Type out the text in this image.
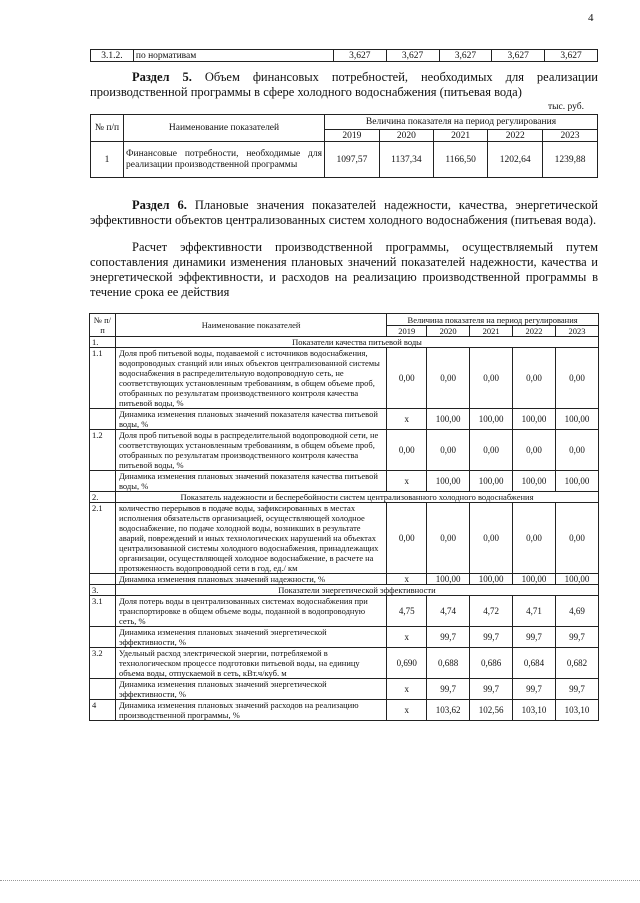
4
3.1.2.	по нормативам	3,627	3,627	3,627	3,627	3,627
Раздел 5. Объем финансовых потребностей, необходимых для реализации производственной программы в сфере холодного водоснабжения (питьевая вода)
тыс. руб.
№ п/п	Наименование показателей	Величина показателя на период регулирования				
		2019	2020	2021	2022	2023
1	Финансовые потребности, необходимые для реализации производственной программы	1097,57	1137,34	1166,50	1202,64	1239,88
Раздел 6. Плановые значения показателей надежности, качества, энергетической эффективности объектов централизованных систем холодного водоснабжения (питьевая вода).
Расчет эффективности производственной программы, осуществляемый путем сопоставления динамики изменения плановых значений показателей надежности, качества и энергетической эффективности, и расходов на реализацию производственной программы в течение срока ее действия
№ п/п	Наименование показателей	Величина показателя на период регулирования				
		2019	2020	2021	2022	2023
1.	Показатели качества питьевой воды					
1.1	Доля проб питьевой воды, подаваемой с источников водоснабжения, водопроводных станций или иных объектов централизованной системы водоснабжения в распределительную водопроводную сеть, не соответствующих установленным требованиям, в общем объеме проб, отобранных по результатам производственного контроля качества питьевой воды, %	0,00	0,00	0,00	0,00	0,00
	Динамика изменения плановых значений показателя качества питьевой воды, %	x	100,00	100,00	100,00	100,00
1.2	Доля проб питьевой воды в распределительной водопроводной сети, не соответствующих установленным требованиям, в общем объеме проб, отобранных по результатам производственного контроля качества питьевой воды, %	0,00	0,00	0,00	0,00	0,00
	Динамика изменения плановых значений показателя качества питьевой воды, %	x	100,00	100,00	100,00	100,00
2.	Показатель надежности и бесперебойности систем централизованного холодного водоснабжения					
2.1	количество перерывов в подаче воды, зафиксированных в местах исполнения обязательств организацией, осуществляющей холодное водоснабжение, по подаче холодной воды, возникших в результате аварий, повреждений и иных технологических нарушений на объектах централизованной системы холодного водоснабжения, принадлежащих организации, осуществляющей холодное водоснабжение, в расчете на протяженность водопроводной сети в год, ед./ км	0,00	0,00	0,00	0,00	0,00
	Динамика изменения плановых значений надежности, %	x	100,00	100,00	100,00	100,00
3.	Показатели энергетической эффективности					
3.1	Доля потерь воды в централизованных системах водоснабжения при транспортировке в общем объеме воды, поданной в водопроводную сеть, %	4,75	4,74	4,72	4,71	4,69
	Динамика изменения плановых значений энергетической эффективности, %	x	99,7	99,7	99,7	99,7
3.2	Удельный расход электрической энергии, потребляемой в технологическом процессе подготовки питьевой воды, на единицу объема воды, отпускаемой в сеть, кВт.ч/куб. м	0,690	0,688	0,686	0,684	0,682
	Динамика изменения плановых значений энергетической эффективности, %	x	99,7	99,7	99,7	99,7
4	Динамика изменения плановых значений расходов на реализацию производственной программы, %	x	103,62	102,56	103,10	103,10
